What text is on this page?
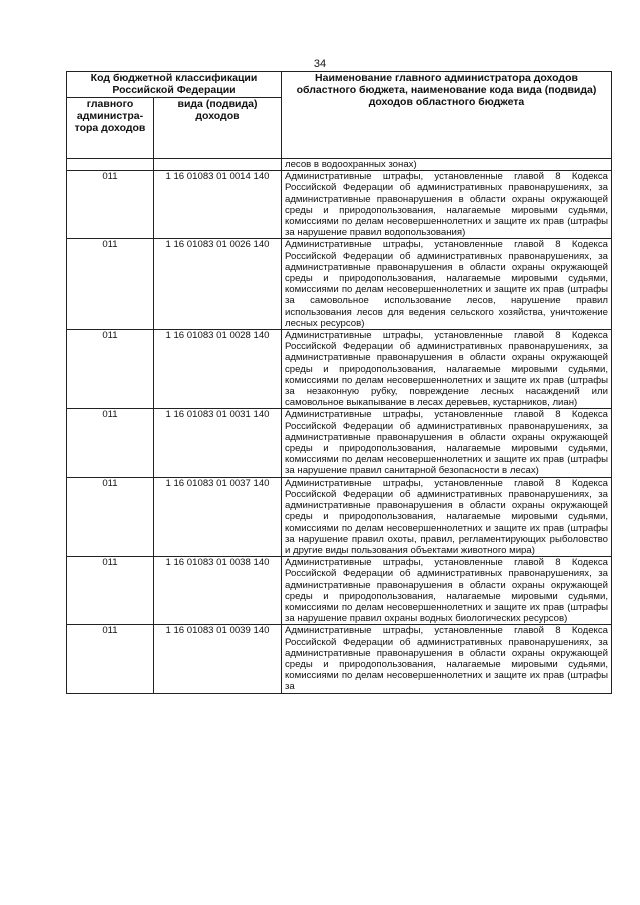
34
Код бюджетной классификации Российской Федерации		Наименование главного администратора доходов областного бюджета, наименование кода вида (подвида) доходов областного бюджета
главного администра-тора доходов	вида (подвида) доходов	
		лесов в водоохранных зонах)
011	1 16 01083 01 0014 140	Административные штрафы, установленные главой 8 Кодекса Российской Федерации об административных правонарушениях, за административные правонарушения в области охраны окружающей среды и природопользования, налагаемые мировыми судьями, комиссиями по делам несовершеннолетних и защите их прав (штрафы за нарушение правил водопользования)
011	1 16 01083 01 0026 140	Административные штрафы, установленные главой 8 Кодекса Российской Федерации об административных правонарушениях, за административные правонарушения в области охраны окружающей среды и природопользования, налагаемые мировыми судьями, комиссиями по делам несовершеннолетних и защите их прав (штрафы за самовольное использование лесов, нарушение правил использования лесов для ведения сельского хозяйства, уничтожение лесных ресурсов)
011	1 16 01083 01 0028 140	Административные штрафы, установленные главой 8 Кодекса Российской Федерации об административных правонарушениях, за административные правонарушения в области охраны окружающей среды и природопользования, налагаемые мировыми судьями, комиссиями по делам несовершеннолетних и защите их прав (штрафы за незаконную рубку, повреждение лесных насаждений или самовольное выкапывание в лесах деревьев, кустарников, лиан)
011	1 16 01083 01 0031 140	Административные штрафы, установленные главой 8 Кодекса Российской Федерации об административных правонарушениях, за административные правонарушения в области охраны окружающей среды и природопользования, налагаемые мировыми судьями, комиссиями по делам несовершеннолетних и защите их прав (штрафы за нарушение правил санитарной безопасности в лесах)
011	1 16 01083 01 0037 140	Административные штрафы, установленные главой 8 Кодекса Российской Федерации об административных правонарушениях, за административные правонарушения в области охраны окружающей среды и природопользования, налагаемые мировыми судьями, комиссиями по делам несовершеннолетних и защите их прав (штрафы за нарушение правил охоты, правил, регламентирующих рыболовство и другие виды пользования объектами животного мира)
011	1 16 01083 01 0038 140	Административные штрафы, установленные главой 8 Кодекса Российской Федерации об административных правонарушениях, за административные правонарушения в области охраны окружающей среды и природопользования, налагаемые мировыми судьями, комиссиями по делам несовершеннолетних и защите их прав (штрафы за нарушение правил охраны водных биологических ресурсов)
011	1 16 01083 01 0039 140	Административные штрафы, установленные главой 8 Кодекса Российской Федерации об административных правонарушениях, за административные правонарушения в области охраны окружающей среды и природопользования, налагаемые мировыми судьями, комиссиями по делам несовершеннолетних и защите их прав (штрафы за
